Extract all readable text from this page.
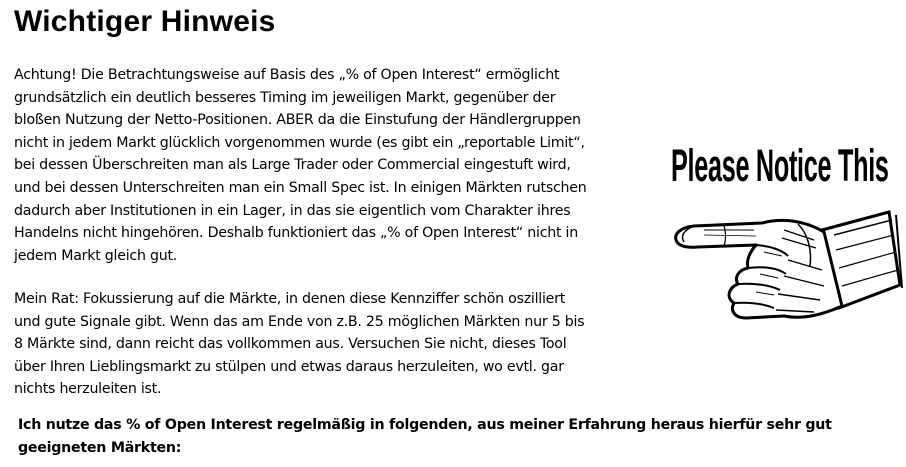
Wichtiger Hinweis

Achtung! Die Betrachtungsweise auf Basis des „% of Open Interest“ ermöglicht
grundsätzlich ein deutlich besseres Timing im jeweiligen Markt, gegenüber der
bloßen Nutzung der Netto-Positionen. ABER da die Einstufung der Händlergruppen
nicht in jedem Markt glücklich vorgenommen wurde (es gibt ein „reportable Limit“,
bei dessen Überschreiten man als Large Trader oder Commercial eingestuft wird,
und bei dessen Unterschreiten man ein Small Spec ist. In einigen Märkten rutschen
dadurch aber Institutionen in ein Lager, in das sie eigentlich vom Charakter ihres
Handelns nicht hingehören. Deshalb funktioniert das „% of Open Interest“ nicht in
jedem Markt gleich gut.

Mein Rat: Fokussierung auf die Märkte, in denen diese Kennziffer schön oszilliert
und gute Signale gibt. Wenn das am Ende von z.B. 25 möglichen Märkten nur 5 bis
8 Märkte sind, dann reicht das vollkommen aus. Versuchen Sie nicht, dieses Tool
über Ihren Lieblingsmarkt zu stülpen und etwas daraus herzuleiten, wo evtl. gar
nichts herzuleiten ist.

Ich nutze das % of Open Interest regelmäßig in folgenden, aus meiner Erfahrung heraus hierfür sehr gut
geeigneten Märkten:

Please Notice This
